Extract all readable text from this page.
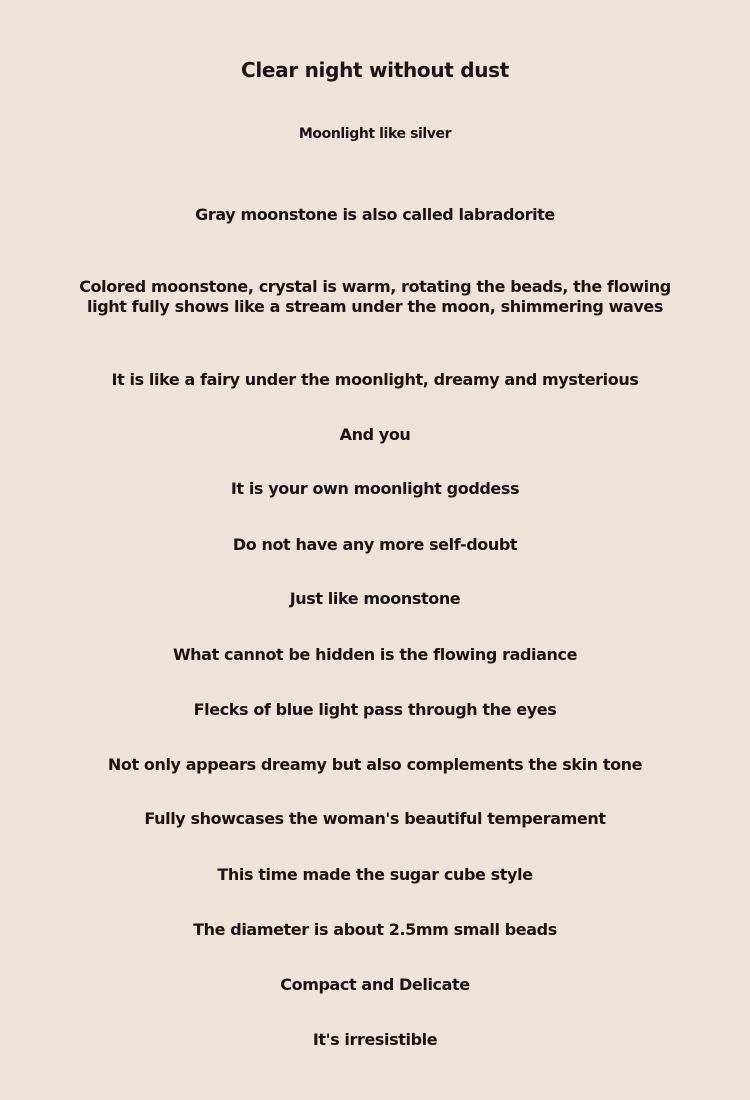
Clear night without dust
Moonlight like silver
Gray moonstone is also called labradorite
Colored moonstone, crystal is warm, rotating the beads, the flowing light fully shows like a stream under the moon, shimmering waves
It is like a fairy under the moonlight, dreamy and mysterious
And you
It is your own moonlight goddess
Do not have any more self-doubt
Just like moonstone
What cannot be hidden is the flowing radiance
Flecks of blue light pass through the eyes
Not only appears dreamy but also complements the skin tone
Fully showcases the woman's beautiful temperament
This time made the sugar cube style
The diameter is about 2.5mm small beads
Compact and Delicate
It's irresistible
